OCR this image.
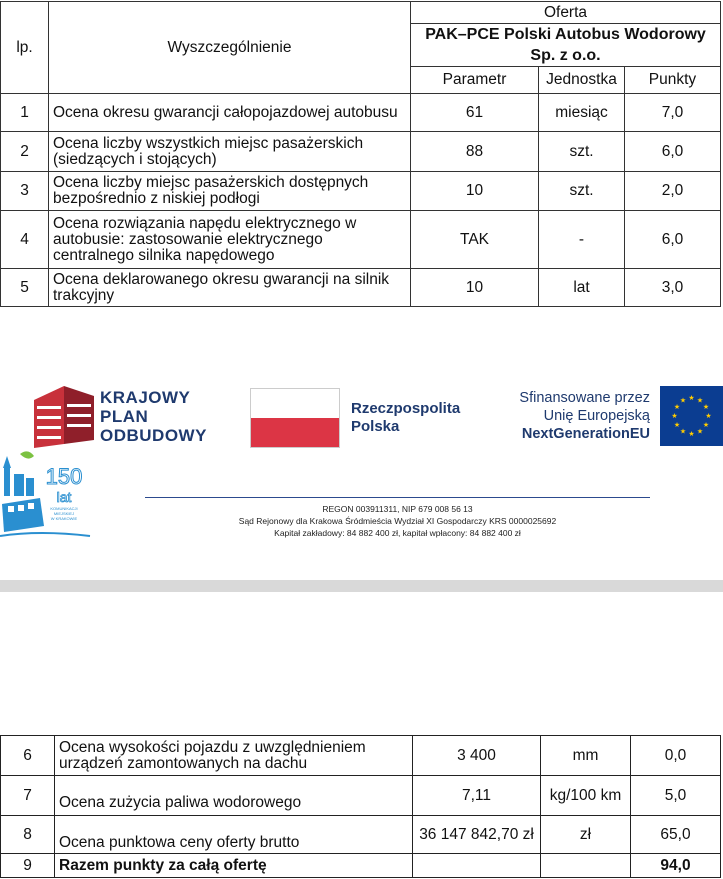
lp.	Wyszczególnienie	Oferta		
		PAK–PCE Polski Autobus Wodorowy Sp. z o.o.		
		Parametr	Jednostka	Punkty
1	Ocena okresu gwarancji całopojazdowej autobusu	61	miesiąc	7,0
2	Ocena liczby wszystkich miejsc pasażerskich (siedzących i stojących)	88	szt.	6,0
3	Ocena liczby miejsc pasażerskich dostępnych bezpośrednio z niskiej podłogi	10	szt.	2,0
4	Ocena rozwiązania napędu elektrycznego w autobusie: zastosowanie elektrycznego centralnego silnika napędowego	TAK	-	6,0
5	Ocena deklarowanego okresu gwarancji na silnik trakcyjny	10	lat	3,0
KRAJOWY
PLAN
ODBUDOWY
Rzeczpospolita
Polska
Sfinansowane przez
Unię Europejską
NextGenerationEU
★ ★
★
★
★
★
★
★
★
★
★
★
150
lat
KOMUNIKACJI
MIEJSKIEJ
W KRAKOWIE
REGON 003911311, NIP 679 008 56 13
Sąd Rejonowy dla Krakowa Śródmieścia Wydział XI Gospodarczy KRS 0000025692
Kapitał zakładowy: 84 882 400 zł, kapitał wpłacony: 84 882 400 zł
6	Ocena wysokości pojazdu z uwzględnieniem urządzeń zamontowanych na dachu	3 400	mm	0,0
7	Ocena zużycia paliwa wodorowego	7,11	kg/100 km	5,0
8	Ocena punktowa ceny oferty brutto	36 147 842,70 zł	zł	65,0
9	Razem punkty za całą ofertę			94,0
